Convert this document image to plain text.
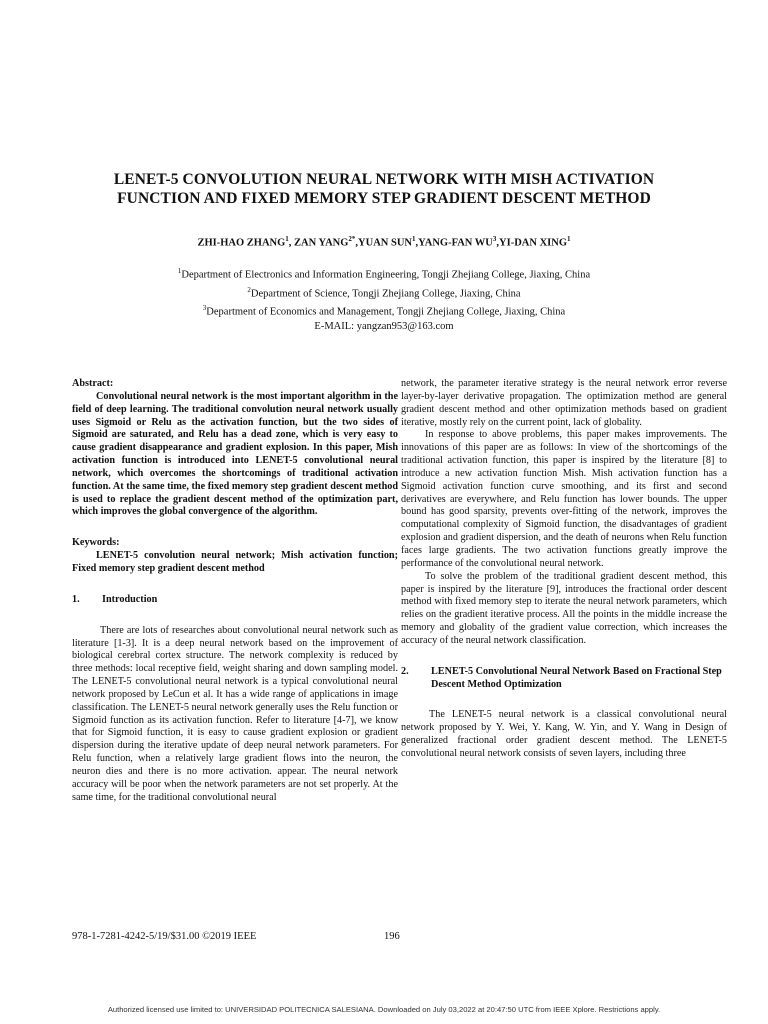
LENET-5 CONVOLUTION NEURAL NETWORK WITH MISH ACTIVATION
FUNCTION AND FIXED MEMORY STEP GRADIENT DESCENT METHOD
ZHI-HAO ZHANG$^1$, ZAN $YANG^{2*},YUAN$ SUN$^1$,YANG-FAN $WU^3,YI$-DAN XING$^1$
$^1$Department of Electronics and Information Engineering, Tongji Zhejiang College, Jiaxing, China
$^2$Department of Science, Tongji Zhejiang College, Jiaxing, China
$^3$Department of Economics and Management, Tongji Zhejiang College, Jiaxing, China
E-MAIL: yangzan953@163.com

Abstract:

Convolutional neural network is the most important algorithm in the field of deep learning. The traditional convolution neural network usually uses Sigmoid or Relu as the activation function, but the two sides of Sigmoid are saturated, and Relu has a dead zone, which is very easy to cause gradient disappearance and gradient explosion. In this paper, Mish activation function is introduced into LENET-5 convolutional neural network, which overcomes the shortcomings of traditional activation function. At the same time, the fixed memory step gradient descent method is used to replace the gradient descent method of the optimization part, which improves the global convergence of the algorithm.

Keywords:

LENET-5 convolution neural network; Mish activation function; Fixed memory step gradient descent method

1.	Introduction

There are lots of researches about convolutional neural network such as literature [1-3]. It is a deep neural network based on the improvement of biological cerebral cortex structure. The network complexity is reduced by three methods: local receptive field, weight sharing and down sampling model. The LENET-5 convolutional neural network is a typical convolutional neural network proposed by LeCun et al. It has a wide range of applications in image classification. The LENET-5 neural network generally uses the Relu function or Sigmoid function as its activation function. Refer to literature [4-7], we know that for Sigmoid function, it is easy to cause gradient explosion or gradient dispersion during the iterative update of deep neural network parameters. For Relu function, when a relatively large gradient flows into the neuron, the neuron dies and there is no more activation. appear. The neural network accuracy will be poor when the network parameters are not set properly. At the same time, for the traditional convolutional neural

network, the parameter iterative strategy is the neural network error reverse layer-by-layer derivative propagation. The optimization method are general gradient descent method and other optimization methods based on gradient iterative, mostly rely on the current point, lack of globality.

In response to above problems, this paper makes improvements. The innovations of this paper are as follows: In view of the shortcomings of the traditional activation function, this paper is inspired by the literature [8] to introduce a new activation function Mish. Mish activation function has a Sigmoid activation function curve smoothing, and its first and second derivatives are everywhere, and Relu function has lower bounds. The upper bound has good sparsity, prevents over-fitting of the network, improves the computational complexity of Sigmoid function, the disadvantages of gradient explosion and gradient dispersion, and the death of neurons when Relu function faces large gradients. The two activation functions greatly improve the performance of the convolutional neural network.

To solve the problem of the traditional gradient descent method, this paper is inspired by the literature [9], introduces the fractional order descent method with fixed memory step to iterate the neural network parameters, which relies on the gradient iterative process. All the points in the middle increase the memory and globality of the gradient value correction, which increases the accuracy of the neural network classification.

2.	LENET-5 Convolutional Neural Network Based on Fractional Step Descent Method Optimization

The LENET-5 neural network is a classical convolutional neural network proposed by Y. Wei, Y. Kang, W. Yin, and Y. Wang in Design of generalized fractional order gradient descent method. The LENET-5 convolutional neural network consists of seven layers, including three

978-1-7281-4242-5/19/$31.00 ©2019 IEEE	196
Authorized licensed use limited to: UNIVERSIDAD POLITECNICA SALESIANA. Downloaded on July 03,2022 at 20:47:50 UTC from IEEE Xplore. Restrictions apply.
